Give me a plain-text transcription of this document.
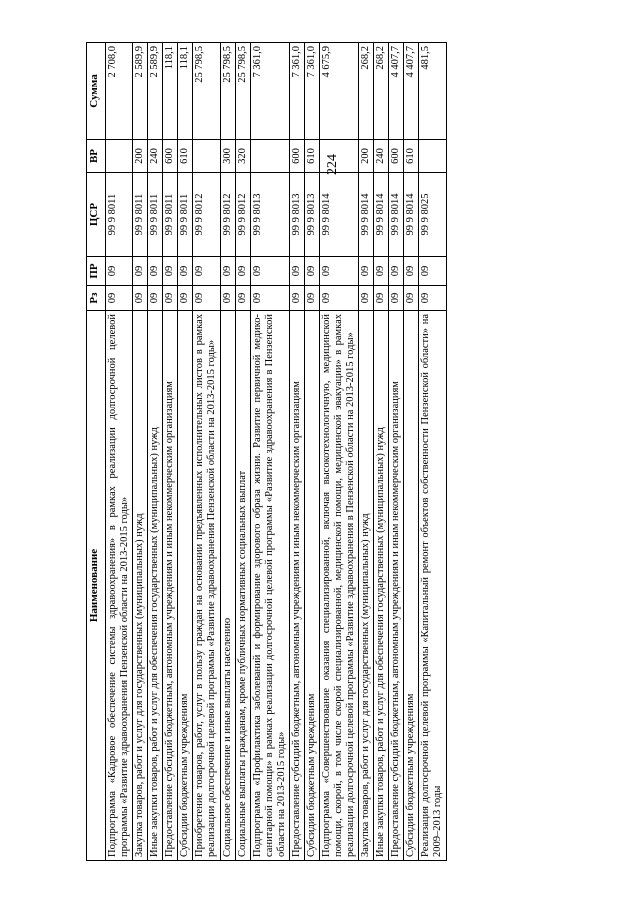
224
Наименование	Рз	ПР	ЦСР	ВР	Сумма
Подпрограмма «Кадровое обеспечение системы здравоохранения» в рамках реализации долгосрочной целевой программы «Развитие здравоохранения Пензенской области на 2013-2015 годы»	09	09	99 9 8011		2 708,0
Закупка товаров, работ и услуг для государственных (муниципальных) нужд	09	09	99 9 8011	200	2 589,9
Иные закупки товаров, работ и услуг для обеспечения государственных (муниципальных) нужд	09	09	99 9 8011	240	2 589,9
Предоставление субсидий бюджетным, автономным учреждениям и иным некоммерческим организациям	09	09	99 9 8011	600	118,1
Субсидии бюджетным учреждениям	09	09	99 9 8011	610	118,1
Приобретение товаров, работ, услуг в пользу граждан на основании предъявленных исполнительных листов в рамках реализации долгосрочной целевой программы «Развитие здравоохранения Пензенской области на 2013-2015 годы»	09	09	99 9 8012		25 798,5
Социальное обеспечение и иные выплаты населению	09	09	99 9 8012	300	25 798,5
Социальные выплаты гражданам, кроме публичных нормативных социальных выплат	09	09	99 9 8012	320	25 798,5
Подпрограмма «Профилактика заболеваний и формирование здорового образа жизни. Развитие первичной медико-санитарной помощи» в рамках реализации долгосрочной целевой программы «Развитие здравоохранения в Пензенской области на 2013-2015 годы»	09	09	99 9 8013		7 361,0
Предоставление субсидий бюджетным, автономным учреждениям и иным некоммерческим организациям	09	09	99 9 8013	600	7 361,0
Субсидии бюджетным учреждениям	09	09	99 9 8013	610	7 361,0
Подпрограмма «Совершенствование оказания специализированной, включая высокотехнологичную, медицинской помощи, скорой, в том числе скорой специализированной, медицинской помощи, медицинской эвакуации» в рамках реализации долгосрочной целевой программы «Развитие здравоохранения в Пензенской области на 2013-2015 годы»	09	09	99 9 8014		4 675,9
Закупка товаров, работ и услуг для государственных (муниципальных) нужд	09	09	99 9 8014	200	268,2
Иные закупки товаров, работ и услуг для обеспечения государственных (муниципальных) нужд	09	09	99 9 8014	240	268,2
Предоставление субсидий бюджетным, автономным учреждениям и иным некоммерческим организациям	09	09	99 9 8014	600	4 407,7
Субсидии бюджетным учреждениям	09	09	99 9 8014	610	4 407,7
Реализация долгосрочной целевой программы «Капитальный ремонт объектов собственности Пензенской области» на 2009–2013 годы	09	09	99 9 8025		481,5
